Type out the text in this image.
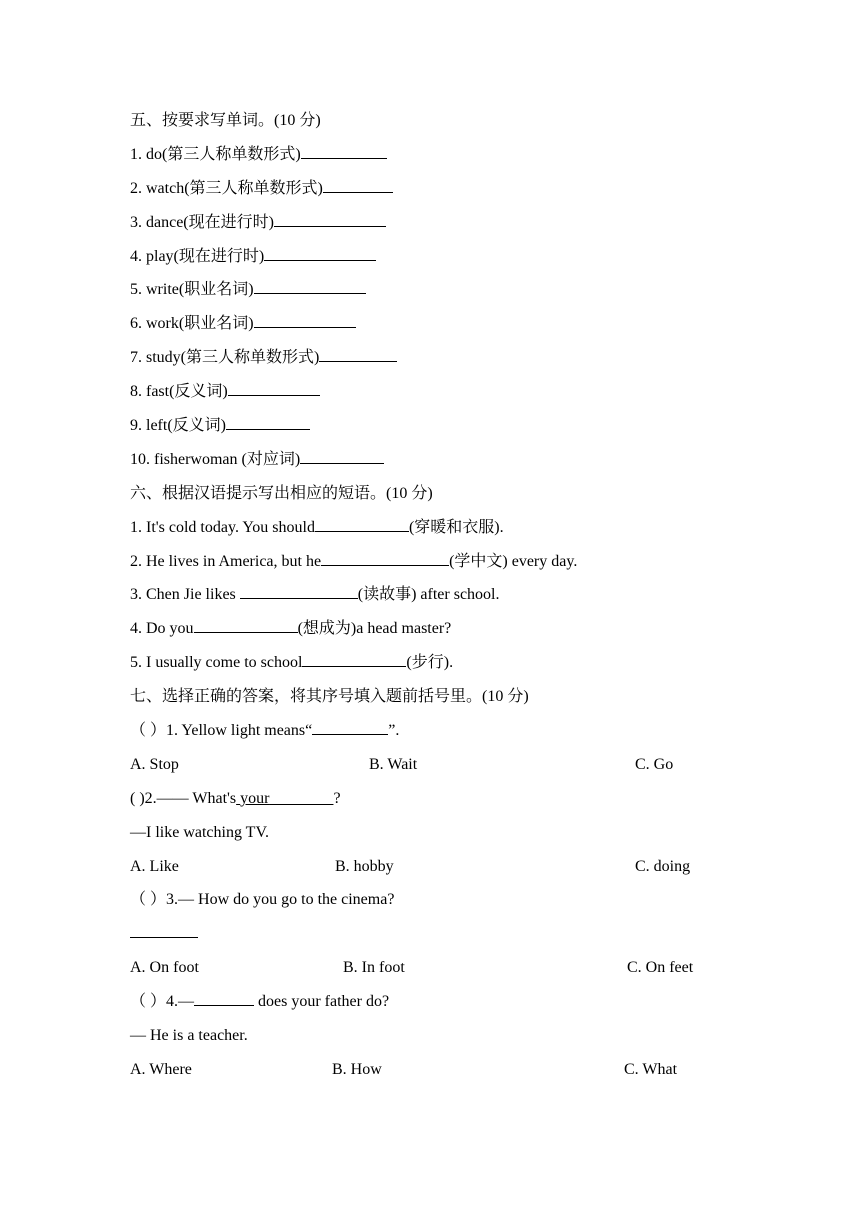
五、按要求写单词。(10 分)
1. do(第三人称单数形式)
2. watch(第三人称单数形式)
3. dance(现在进行时)
4. play(现在进行时)
5. write(职业名词)
6. work(职业名词)
7. study(第三人称单数形式)
8. fast(反义词)
9. left(反义词)
10. fisherwoman (对应词)
六、根据汉语提示写出相应的短语。(10 分)
1. It's cold today. You should	(穿暖和衣服).
2. He lives in America, but he	(学中文) every day.
3. Chen Jie likes	(读故事) after school.
4. Do you	(想成为)a head master?
5. I usually come to school	(步行).
七、选择正确的答案，将其序号填入题前括号里。(10 分)
（ ）1. Yellow light means“	”.
A. Stop	B. Wait	C. Go
( )2.—— What's your	?
—I like watching TV.
A. Like	B. hobby	C. doing
（ ）3.— How do you go to the cinema?
A. On foot	B. In foot	C. On feet
（ ）4.—	does your father do?
— He is a teacher.
A. Where	B. How	C. What
